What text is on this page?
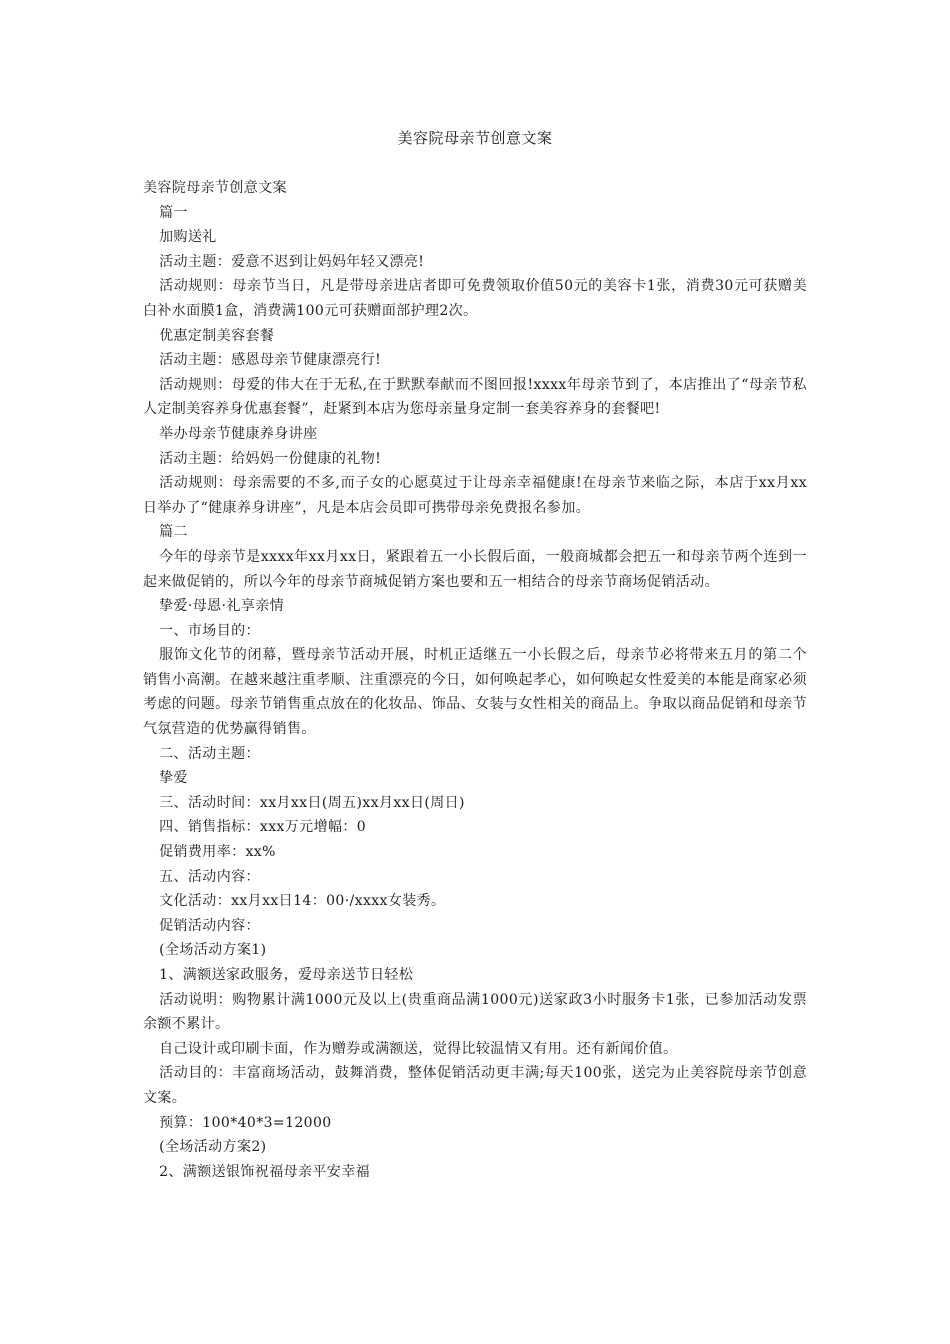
美容院母亲节创意文案

美容院母亲节创意文案

篇一

加购送礼

活动主题：爱意不迟到让妈妈年轻又漂亮!

活动规则：母亲节当日，凡是带母亲进店者即可免费领取价值50元的美容卡1张，消费30元可获赠美白补水面膜1盒，消费满100元可获赠面部护理2次。

优惠定制美容套餐

活动主题：感恩母亲节健康漂亮行!

活动规则：母爱的伟大在于无私,在于默默奉献而不图回报!xxxx年母亲节到了，本店推出了“母亲节私人定制美容养身优惠套餐”，赶紧到本店为您母亲量身定制一套美容养身的套餐吧!

举办母亲节健康养身讲座

活动主题：给妈妈一份健康的礼物!

活动规则：母亲需要的不多,而子女的心愿莫过于让母亲幸福健康!在母亲节来临之际，本店于xx月xx日举办了“健康养身讲座”，凡是本店会员即可携带母亲免费报名参加。

篇二

今年的母亲节是xxxx年xx月xx日，紧跟着五一小长假后面，一般商城都会把五一和母亲节两个连到一起来做促销的，所以今年的母亲节商城促销方案也要和五一相结合的母亲节商场促销活动。

挚爱·母恩·礼享亲情

一、市场目的：

服饰文化节的闭幕，暨母亲节活动开展，时机正适继五一小长假之后，母亲节必将带来五月的第二个销售小高潮。在越来越注重孝顺、注重漂亮的今日，如何唤起孝心，如何唤起女性爱美的本能是商家必须考虑的问题。母亲节销售重点放在的化妆品、饰品、女装与女性相关的商品上。争取以商品促销和母亲节气氛营造的优势赢得销售。

二、活动主题：

挚爱

三、活动时间：xx月xx日(周五)xx月xx日(周日)

四、销售指标：xxx万元增幅：0

促销费用率：xx%

五、活动内容：

文化活动：xx月xx日14：00·/xxxx女装秀。

促销活动内容：

(全场活动方案1)

1、满额送家政服务，爱母亲送节日轻松

活动说明：购物累计满1000元及以上(贵重商品满1000元)送家政3小时服务卡1张，已参加活动发票余额不累计。

自己设计或印刷卡面，作为赠券或满额送，觉得比较温情又有用。还有新闻价值。

活动目的：丰富商场活动，鼓舞消费，整体促销活动更丰满;每天100张，送完为止美容院母亲节创意文案。

预算：100*40*3=12000

(全场活动方案2)

2、满额送银饰祝福母亲平安幸福
